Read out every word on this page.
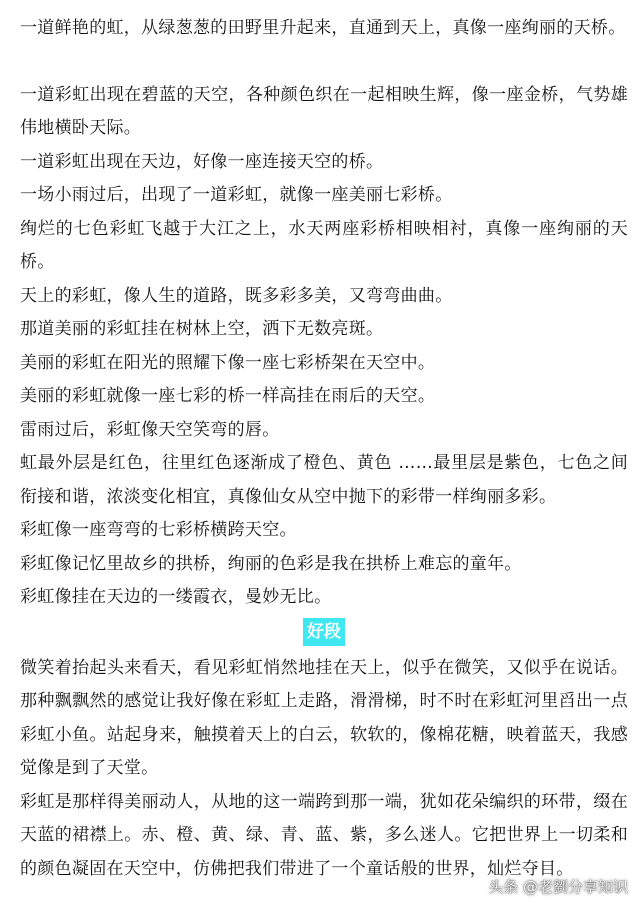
一道鲜艳的虹，从绿葱葱的田野里升起来，直通到天上，真像一座绚丽的天桥。

一道彩虹出现在碧蓝的天空，各种颜色织在一起相映生辉，像一座金桥，气势雄伟地横卧天际。

一道彩虹出现在天边，好像一座连接天空的桥。

一场小雨过后，出现了一道彩虹，就像一座美丽七彩桥。

绚烂的七色彩虹飞越于大江之上，水天两座彩桥相映相衬，真像一座绚丽的天桥。

天上的彩虹，像人生的道路，既多彩多美，又弯弯曲曲。

那道美丽的彩虹挂在树林上空，洒下无数亮斑。

美丽的彩虹在阳光的照耀下像一座七彩桥架在天空中。

美丽的彩虹就像一座七彩的桥一样高挂在雨后的天空。

雷雨过后，彩虹像天空笑弯的唇。

虹最外层是红色，往里红色逐渐成了橙色、黄色 ……最里层是紫色，七色之间衔接和谐，浓淡变化相宜，真像仙女从空中抛下的彩带一样绚丽多彩。

彩虹像一座弯弯的七彩桥横跨天空。

彩虹像记忆里故乡的拱桥，绚丽的色彩是我在拱桥上难忘的童年。

彩虹像挂在天边的一缕霞衣，曼妙无比。

好段

微笑着抬起头来看天，看见彩虹悄然地挂在天上，似乎在微笑，又似乎在说话。那种飘飘然的感觉让我好像在彩虹上走路，滑滑梯，时不时在彩虹河里舀出一点彩虹小鱼。站起身来，触摸着天上的白云，软软的，像棉花糖，映着蓝天，我感觉像是到了天堂。

彩虹是那样得美丽动人，从地的这一端跨到那一端，犹如花朵编织的环带，缀在天蓝的裙襟上。赤、橙、黄、绿、青、蓝、紫，多么迷人。它把世界上一切柔和的颜色凝固在天空中，仿佛把我们带进了一个童话般的世界，灿烂夺目。

头条 @老劉分享知识
